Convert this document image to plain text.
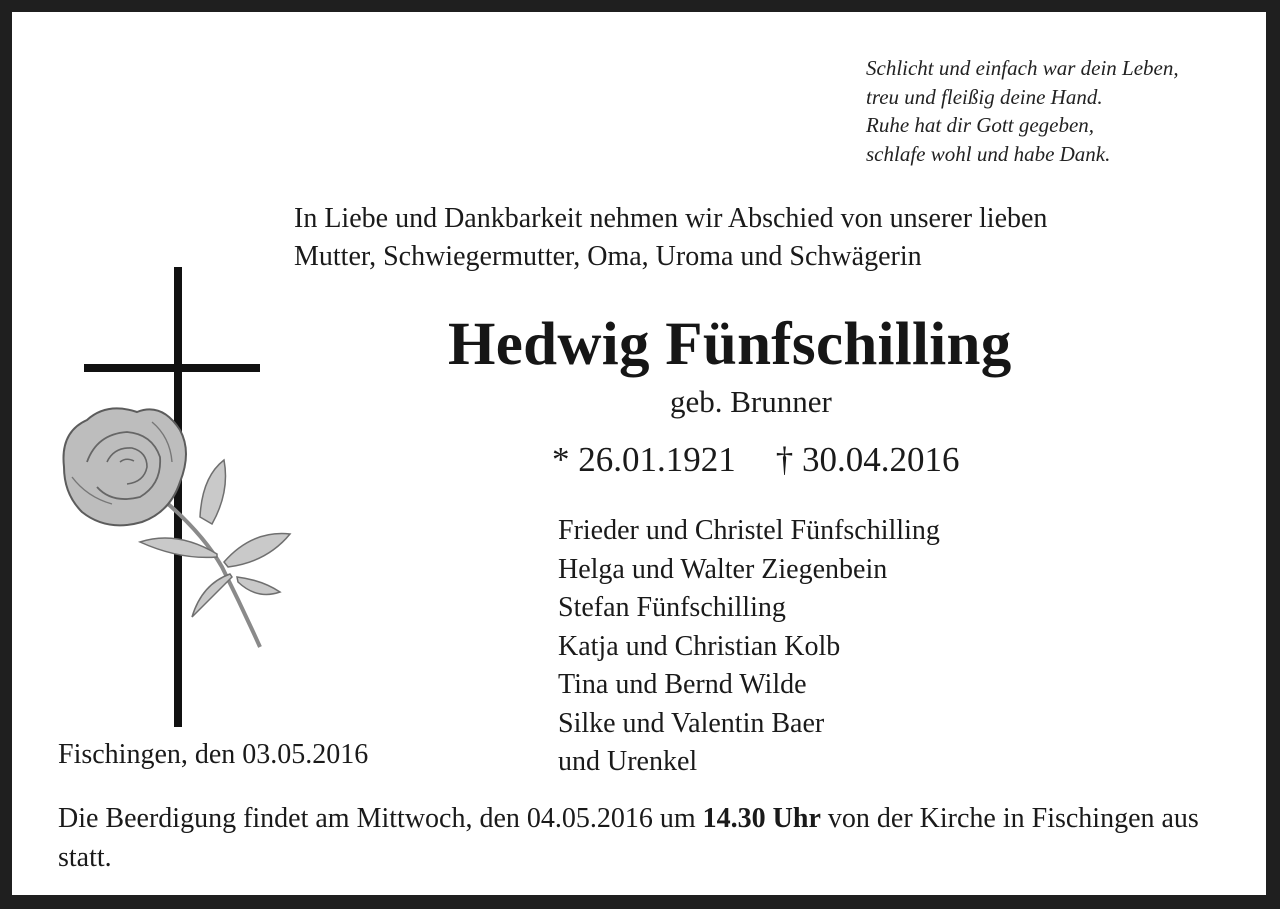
Schlicht und einfach war dein Leben,
treu und fleißig deine Hand.
Ruhe hat dir Gott gegeben,
schlafe wohl und habe Dank.
In Liebe und Dankbarkeit nehmen wir Abschied von unserer lieben
Mutter, Schwiegermutter, Oma, Uroma und Schwägerin
Hedwig Fünfschilling
geb. Brunner
* 26.01.1921 † 30.04.2016
Frieder und Christel Fünfschilling
Helga und Walter Ziegenbein
Stefan Fünfschilling
Katja und Christian Kolb
Tina und Bernd Wilde
Silke und Valentin Baer
und Urenkel
Fischingen, den 03.05.2016
Die Beerdigung findet am Mittwoch, den 04.05.2016 um 14.30 Uhr von der Kirche in Fischingen aus statt.
